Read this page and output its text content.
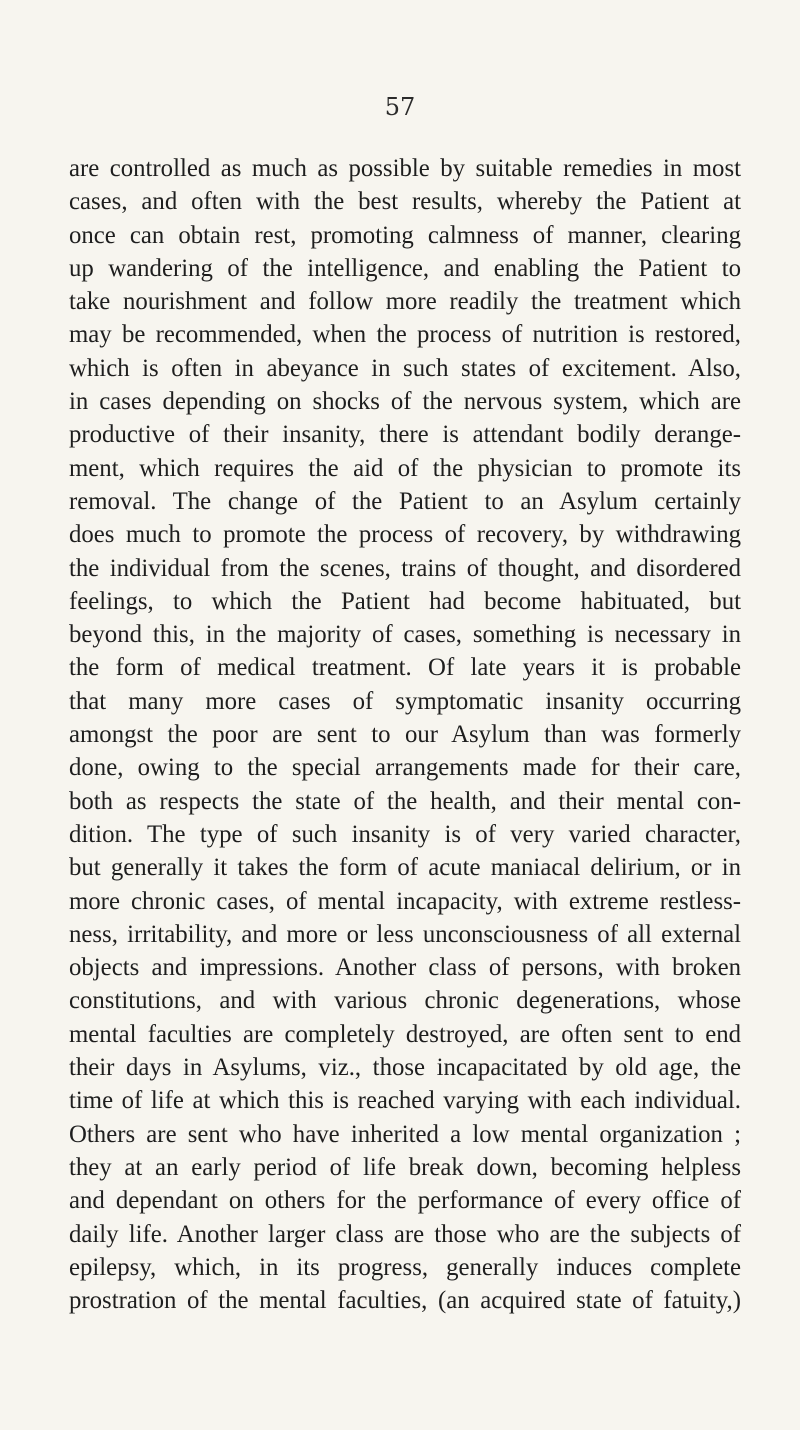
57
are controlled as much as possible by suitable remedies in most
cases, and often with the best results, whereby the Patient at
once can obtain rest, promoting calmness of manner, clearing
up wandering of the intelligence, and enabling the Patient to
take nourishment and follow more readily the treatment which
may be recommended, when the process of nutrition is restored,
which is often in abeyance in such states of excitement. Also,
in cases depending on shocks of the nervous system, which are
productive of their insanity, there is attendant bodily derange-
ment, which requires the aid of the physician to promote its
removal. The change of the Patient to an Asylum certainly
does much to promote the process of recovery, by withdrawing
the individual from the scenes, trains of thought, and disordered
feelings, to which the Patient had become habituated, but
beyond this, in the majority of cases, something is necessary in
the form of medical treatment. Of late years it is probable
that many more cases of symptomatic insanity occurring
amongst the poor are sent to our Asylum than was formerly
done, owing to the special arrangements made for their care,
both as respects the state of the health, and their mental con-
dition. The type of such insanity is of very varied character,
but generally it takes the form of acute maniacal delirium, or in
more chronic cases, of mental incapacity, with extreme restless-
ness, irritability, and more or less unconsciousness of all external
objects and impressions. Another class of persons, with broken
constitutions, and with various chronic degenerations, whose
mental faculties are completely destroyed, are often sent to end
their days in Asylums, viz., those incapacitated by old age, the
time of life at which this is reached varying with each individual.
Others are sent who have inherited a low mental organization ;
they at an early period of life break down, becoming helpless
and dependant on others for the performance of every office of
daily life. Another larger class are those who are the subjects of
epilepsy, which, in its progress, generally induces complete
prostration of the mental faculties, (an acquired state of fatuity,)
